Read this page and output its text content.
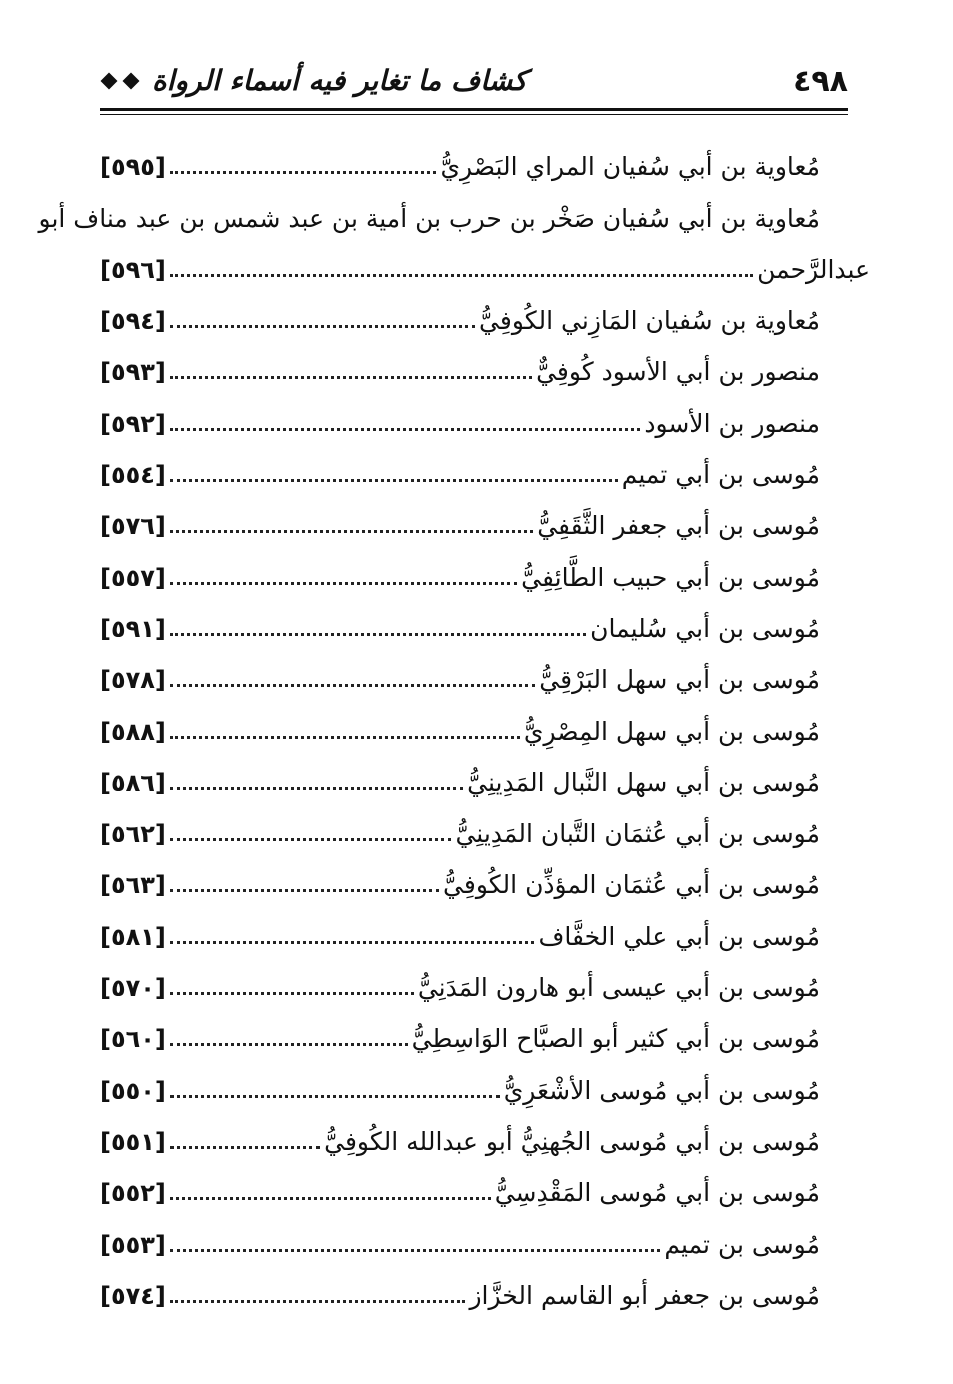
٤٩٨
كشاف ما تغاير فيه أسماء الرواة
مُعاوية بن أبي سُفيان المراي البَصْرِيُّ
[٥٩٥]
مُعاوية بن أبي سُفيان صَخْر بن حرب بن أمية بن عبد شمس بن عبد مناف أبو
عبدالرَّحمن
[٥٩٦]
مُعاوية بن سُفيان المَازِني الكُوفِيُّ
[٥٩٤]
منصور بن أبي الأسود كُوفِيٌّ
[٥٩٣]
منصور بن الأسود
[٥٩٢]
مُوسى بن أبي تميم
[٥٥٤]
مُوسى بن أبي جعفر الثَّقَفِيُّ
[٥٧٦]
مُوسى بن أبي حبيب الطَّائِفِيُّ
[٥٥٧]
مُوسى بن أبي سُليمان
[٥٩١]
مُوسى بن أبي سهل البَرْقِيُّ
[٥٧٨]
مُوسى بن أبي سهل المِصْرِيُّ
[٥٨٨]
مُوسى بن أبي سهل النَّبال المَدِينِيُّ
[٥٨٦]
مُوسى بن أبي عُثمَان التَّبان المَدِينِيُّ
[٥٦٢]
مُوسى بن أبي عُثمَان المؤذِّن الكُوفِيُّ
[٥٦٣]
مُوسى بن أبي علي الخفَّاف
[٥٨١]
مُوسى بن أبي عيسى أبو هارون المَدَنِيُّ
[٥٧٠]
مُوسى بن أبي كثير أبو الصبَّاح الوَاسِطِيُّ
[٥٦٠]
مُوسى بن أبي مُوسى الأشْعَرِيُّ
[٥٥٠]
مُوسى بن أبي مُوسى الجُهنِيُّ أبو عبدالله الكُوفِيُّ
[٥٥١]
مُوسى بن أبي مُوسى المَقْدِسِيُّ
[٥٥٢]
مُوسى بن تميم
[٥٥٣]
مُوسى بن جعفر أبو القاسم الخزَّاز
[٥٧٤]
